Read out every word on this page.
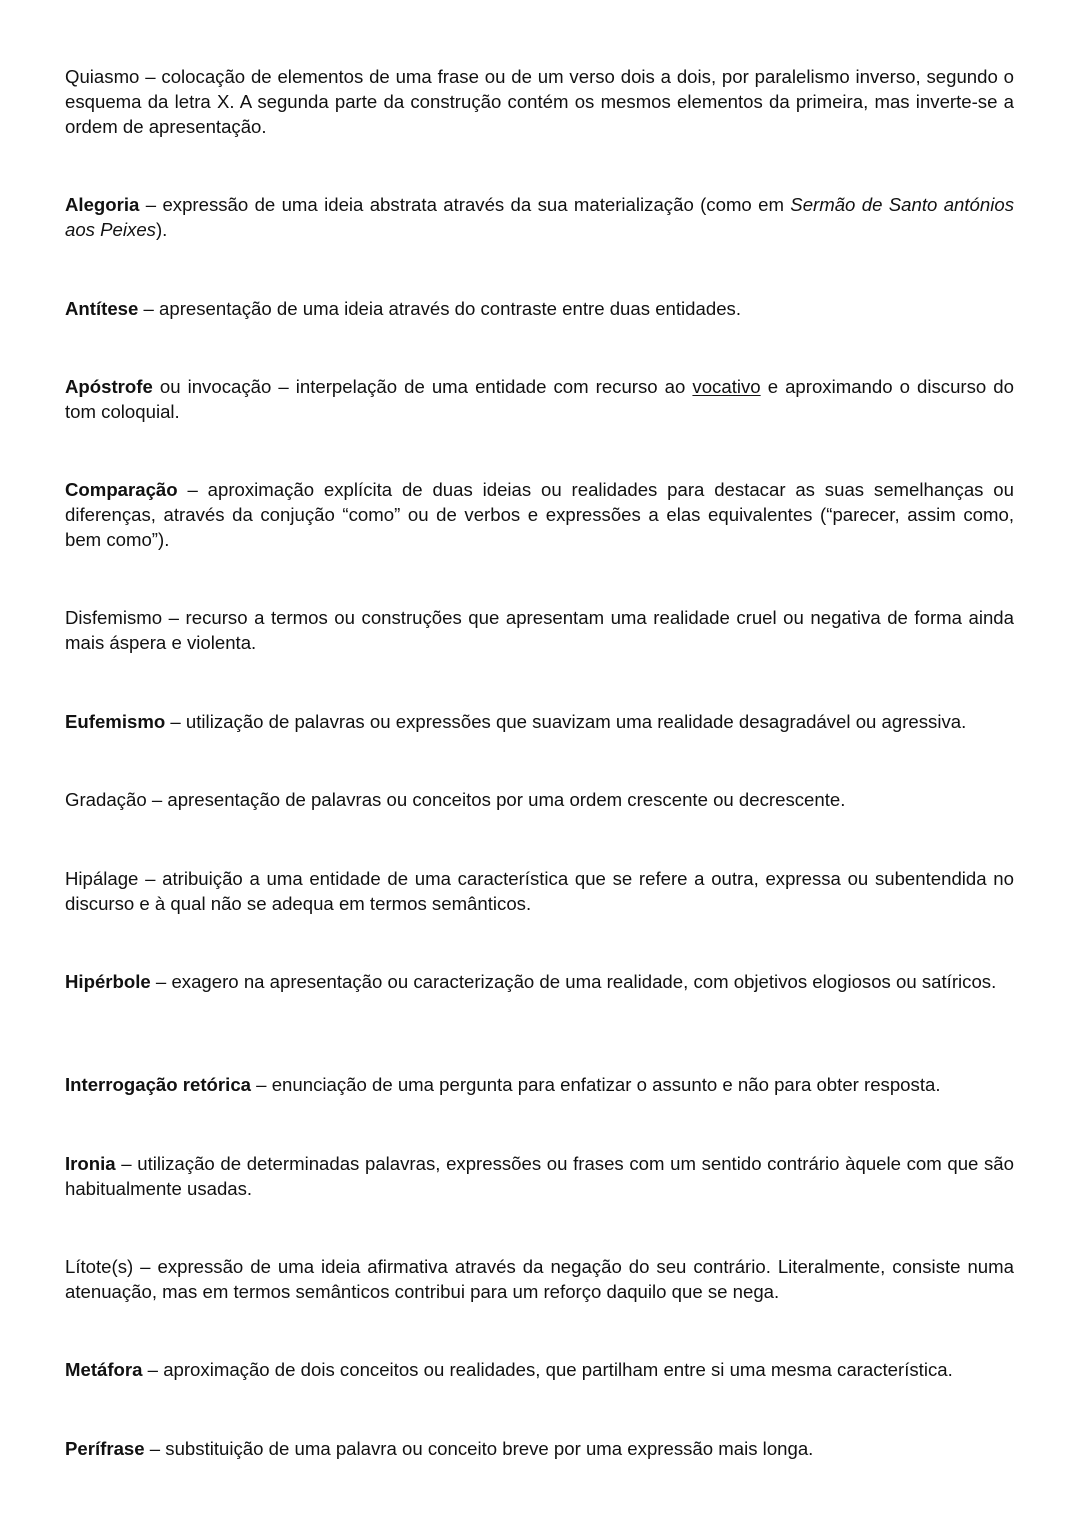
Quiasmo – colocação de elementos de uma frase ou de um verso dois a dois, por paralelismo inverso, segundo o esquema da letra X. A segunda parte da construção contém os mesmos elementos da primeira, mas inverte-se a ordem de apresentação.

Alegoria – expressão de uma ideia abstrata através da sua materialização (como em Sermão de Santo antónios aos Peixes).

Antítese – apresentação de uma ideia através do contraste entre duas entidades.

Apóstrofe ou invocação – interpelação de uma entidade com recurso ao vocativo e aproximando o discurso do tom coloquial.

Comparação – aproximação explícita de duas ideias ou realidades para destacar as suas semelhanças ou diferenças, através da conjução “como” ou de verbos e expressões a elas equivalentes (“parecer, assim como, bem como”).

Disfemismo – recurso a termos ou construções que apresentam uma realidade cruel ou negativa de forma ainda mais áspera e violenta.

Eufemismo – utilização de palavras ou expressões que suavizam uma realidade desagradável ou agressiva.

Gradação – apresentação de palavras ou conceitos por uma ordem crescente ou decrescente.

Hipálage – atribuição a uma entidade de uma característica que se refere a outra, expressa ou subentendida no discurso e à qual não se adequa em termos semânticos.

Hipérbole – exagero na apresentação ou caracterização de uma realidade, com objetivos elogiosos ou satíricos.

Interrogação retórica – enunciação de uma pergunta para enfatizar o assunto e não para obter resposta.

Ironia – utilização de determinadas palavras, expressões ou frases com um sentido contrário àquele com que são habitualmente usadas.

Lítote(s) – expressão de uma ideia afirmativa através da negação do seu contrário. Literalmente, consiste numa atenuação, mas em termos semânticos contribui para um reforço daquilo que se nega.

Metáfora – aproximação de dois conceitos ou realidades, que partilham entre si uma mesma característica.

Perífrase – substituição de uma palavra ou conceito breve por uma expressão mais longa.
